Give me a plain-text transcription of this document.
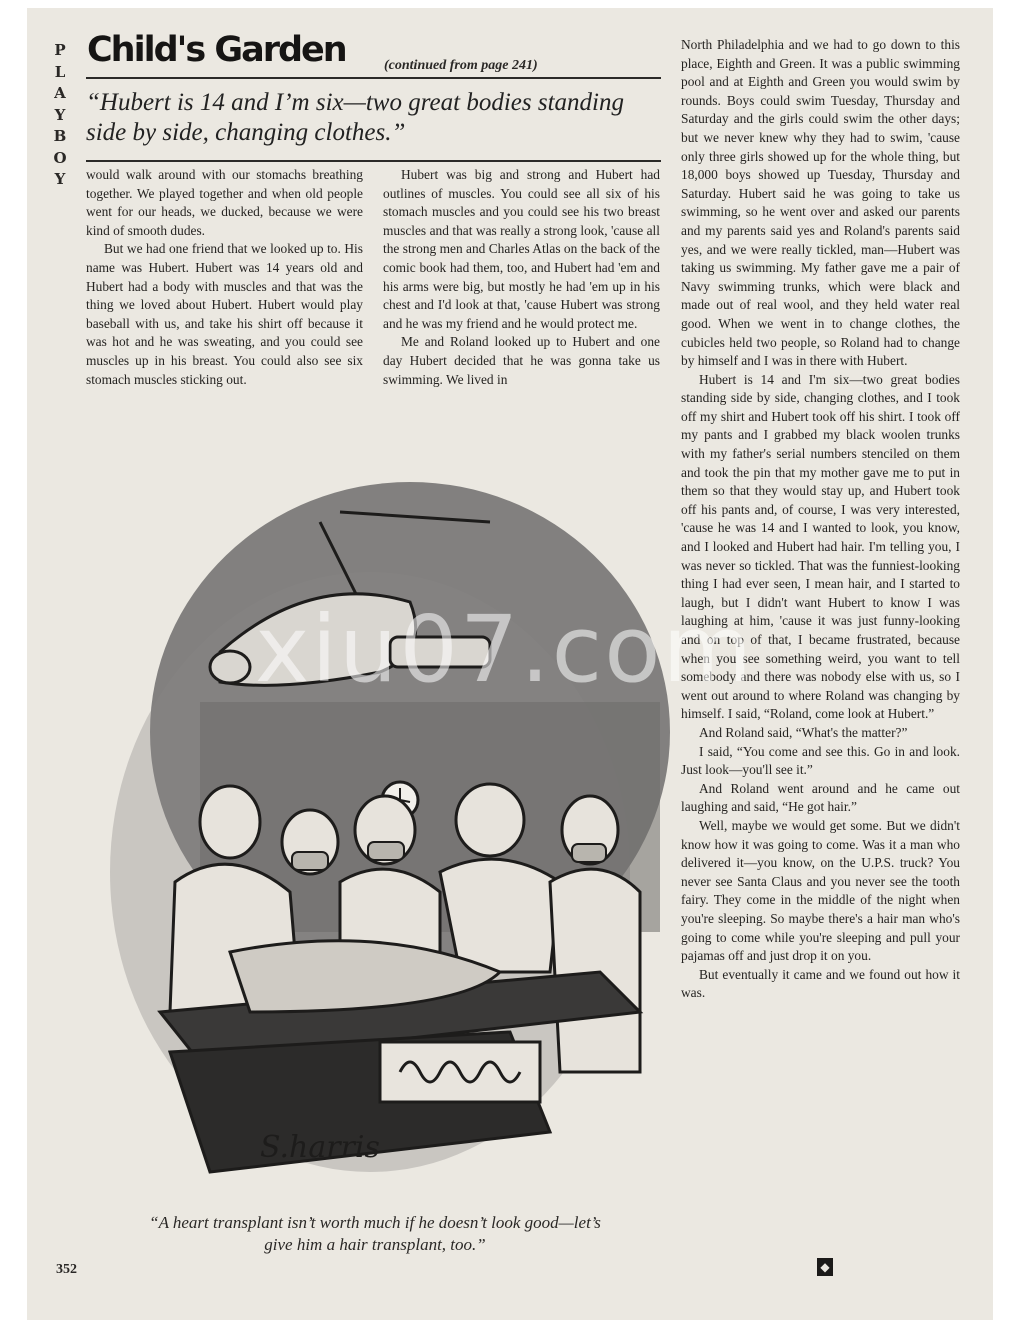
P
L
A
Y
B
O
Y
Child's Garden	(continued from page 241)
“Hubert is 14 and I’m six—two great bodies standing side by side, changing clothes.”

would walk around with our stomachs breathing together. We played together and when old people went for our heads, we ducked, because we were kind of smooth dudes.

But we had one friend that we looked up to. His name was Hubert. Hubert was 14 years old and Hubert had a body with muscles and that was the thing we loved about Hubert. Hubert would play baseball with us, and take his shirt off because it was hot and he was sweating, and you could see muscles up in his breast. You could also see six stomach muscles sticking out.

Hubert was big and strong and Hubert had outlines of muscles. You could see all six of his stomach muscles and you could see his two breast muscles and that was really a strong look, 'cause all the strong men and Charles Atlas on the back of the comic book had them, too, and Hubert had 'em and his arms were big, but mostly he had 'em up in his chest and I'd look at that, 'cause Hubert was strong and he was my friend and he would protect me.

Me and Roland looked up to Hubert and one day Hubert decided that he was gonna take us swimming. We lived in

North Philadelphia and we had to go down to this place, Eighth and Green. It was a public swimming pool and at Eighth and Green you would swim by rounds. Boys could swim Tuesday, Thursday and Saturday and the girls could swim the other days; but we never knew why they had to swim, 'cause only three girls showed up for the whole thing, but 18,000 boys showed up Tuesday, Thursday and Saturday. Hubert said he was going to take us swimming, so he went over and asked our parents and my parents said yes and Roland's parents said yes, and we were really tickled, man—Hubert was taking us swimming. My father gave me a pair of Navy swimming trunks, which were black and made out of real wool, and they held water real good. When we went in to change clothes, the cubicles held two people, so Roland had to change by himself and I was in there with Hubert.

Hubert is 14 and I'm six—two great bodies standing side by side, changing clothes, and I took off my shirt and Hubert took off his shirt. I took off my pants and I grabbed my black woolen trunks with my father's serial numbers stenciled on them and took the pin that my mother gave me to put in them so that they would stay up, and Hubert took off his pants and, of course, I was very interested, 'cause he was 14 and I wanted to look, you know, and I looked and Hubert had hair. I'm telling you, I was never so tickled. That was the funniest-looking thing I had ever seen, I mean hair, and I started to laugh, but I didn't want Hubert to know I was laughing at him, 'cause it was just funny-looking and on top of that, I became frustrated, because when you see something weird, you want to tell somebody and there was nobody else with us, so I went out around to where Roland was changing by himself. I said, “Roland, come look at Hubert.”

And Roland said, “What's the matter?”

I said, “You come and see this. Go in and look. Just look—you'll see it.”

And Roland went around and he came out laughing and said, “He got hair.”

Well, maybe we would get some. But we didn't know how it was going to come. Was it a man who delivered it—you know, on the U.P.S. truck? You never see Santa Claus and you never see the tooth fairy. They come in the middle of the night when you're sleeping. So maybe there's a hair man who's going to come while you're sleeping and pull your pajamas off and just drop it on you.

But eventually it came and we found out how it was.

S.harris
“A heart transplant isn’t worth much if he doesn’t look good—let’s give him a hair transplant, too.”
352	◆
xiu07.com
